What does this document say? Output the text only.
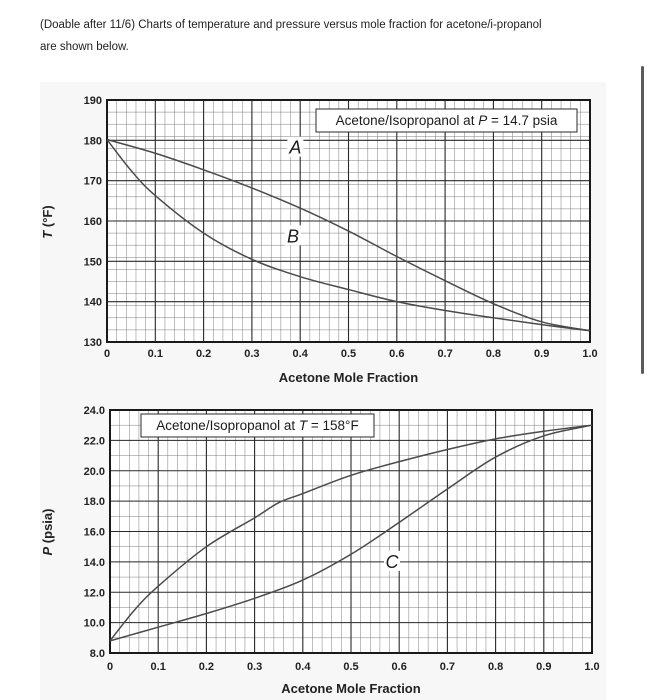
(Doable after 11/6) Charts of temperature and pressure versus mole fraction for acetone/i-propanol
are shown below.
0	0.1	0.2	0.3	0.4	0.5	0.6	0.7	0.8	0.9	1.0
130
140
150
160
170
180
190
Acetone Mole Fraction
T (°F)
Acetone/Isopropanol at P = 14.7 psia
A
B
0	0.1	0.2	0.3	0.4	0.5	0.6	0.7	0.8	0.9	1.0
8.0
10.0
12.0
14.0
16.0
18.0
20.0
22.0
24.0
Acetone Mole Fraction
P (psia)
Acetone/Isopropanol at T = 158°F
C
